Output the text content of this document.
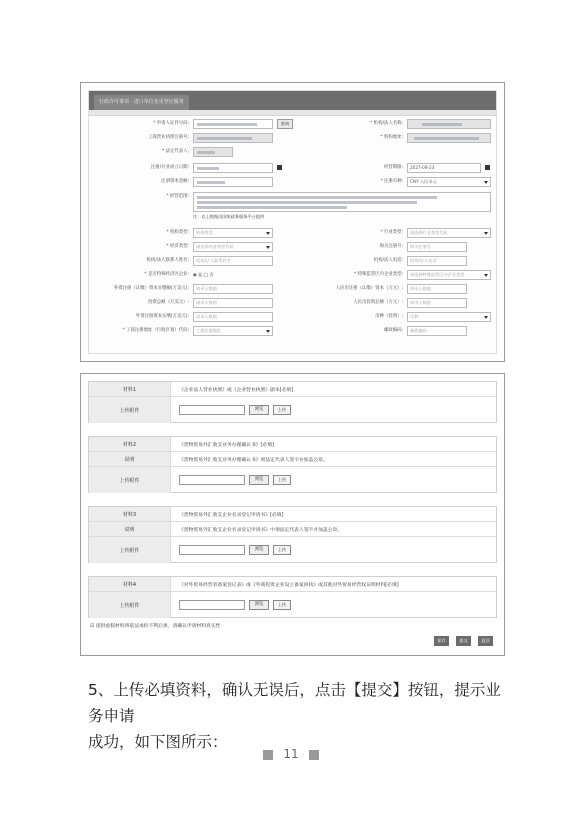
行政许可事项 · 进口单位变更登记服务
* 申请人证件号码:	查询	* 机构/法人名称:
工商营业执照注册号:	* 机构地址:
* 法定代表人:
注册/开业成立日期:	经营期限:	2027-09-23
注册资本金额:	* 注册币种:	CNY 人民币元
* 经营范围:
注：以上数据由国家政务服务平台提供
* 机构类型:	机构类型	* 行业类型:	请选择行业类型代码
* 经济类型:	请选择经济类型代码	海关注册号:	海关注册号
机构/法人联系人姓名:	机构/法人联系姓名	机构/法人电话:	机构/法人电话
* 是否特殊经济区企业: ◉ 是 ◯ 否	* 特殊监管区内企业类型:	请选择特殊监管区内企业类型
外资注册（认缴）资本实缴额(万美元):	请录入数值	人民币注册（认缴）资本（万元）:	请录入数值
投资总额（万美元）:	请录入数值	人民币投资总额（万元）:	请录入数值
外资注册资本实缴(万美元):	请录入数值	币种（投资）:	币种
* 工商注册地址（行政区划）代码:	工商注册地址	邮政编码:	邮政编码
材料1	《企业法人营业执照》或《企业营业执照》副本[必填]
上传附件	浏览	上传
材料2	《货物贸易外汇收支业务办理确认书》[必填]
说明	《货物贸易外汇收支业务办理确认书》须法定代表人签字并加盖公章。
上传附件	浏览	上传
材料3	《货物贸易外汇收支企业名录登记申请书》[必填]
说明	《货物贸易外汇收支企业名录登记申请书》中须法定代表人签字并加盖公章。
上传附件	浏览	上传
材料4	《对外贸易经营者备案登记表》或《外商投资企业设立备案回执》或其他对外贸易经营权证明材料[必填]
上传附件	浏览	上传
☑ 提供虚假材料将依法承担不利后果，请确认申请材料真实性
保存	提交	返回
5、上传必填资料，确认无误后，点击【提交】按钮，提示业务申请
成功，如下图所示：
11
